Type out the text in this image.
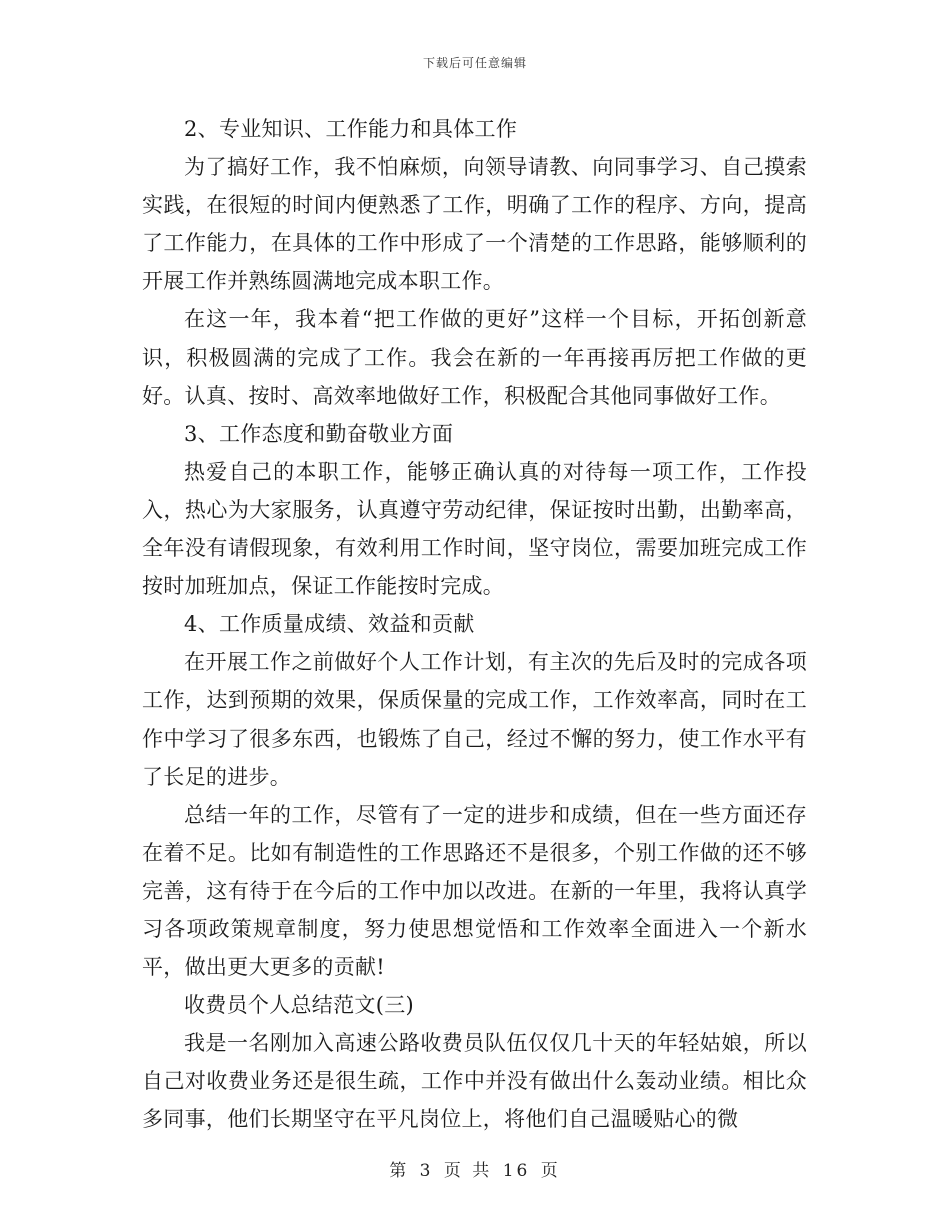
下载后可任意编辑

2、专业知识、工作能力和具体工作

为了搞好工作，我不怕麻烦，向领导请教、向同事学习、自己摸索实践，在很短的时间内便熟悉了工作，明确了工作的程序、方向，提高了工作能力，在具体的工作中形成了一个清楚的工作思路，能够顺利的开展工作并熟练圆满地完成本职工作。

在这一年，我本着“把工作做的更好”这样一个目标，开拓创新意识，积极圆满的完成了工作。我会在新的一年再接再厉把工作做的更好。认真、按时、高效率地做好工作，积极配合其他同事做好工作。

3、工作态度和勤奋敬业方面

热爱自己的本职工作，能够正确认真的对待每一项工作，工作投入，热心为大家服务，认真遵守劳动纪律，保证按时出勤，出勤率高，全年没有请假现象，有效利用工作时间，坚守岗位，需要加班完成工作按时加班加点，保证工作能按时完成。

4、工作质量成绩、效益和贡献

在开展工作之前做好个人工作计划，有主次的先后及时的完成各项工作，达到预期的效果，保质保量的完成工作，工作效率高，同时在工作中学习了很多东西，也锻炼了自己，经过不懈的努力，使工作水平有了长足的进步。

总结一年的工作，尽管有了一定的进步和成绩，但在一些方面还存在着不足。比如有制造性的工作思路还不是很多，个别工作做的还不够完善，这有待于在今后的工作中加以改进。在新的一年里，我将认真学习各项政策规章制度，努力使思想觉悟和工作效率全面进入一个新水平，做出更大更多的贡献!

收费员个人总结范文(三)

我是一名刚加入高速公路收费员队伍仅仅几十天的年轻姑娘，所以自己对收费业务还是很生疏，工作中并没有做出什么轰动业绩。相比众多同事，他们长期坚守在平凡岗位上，将他们自己温暖贴心的微

第 3 页 共 16 页
